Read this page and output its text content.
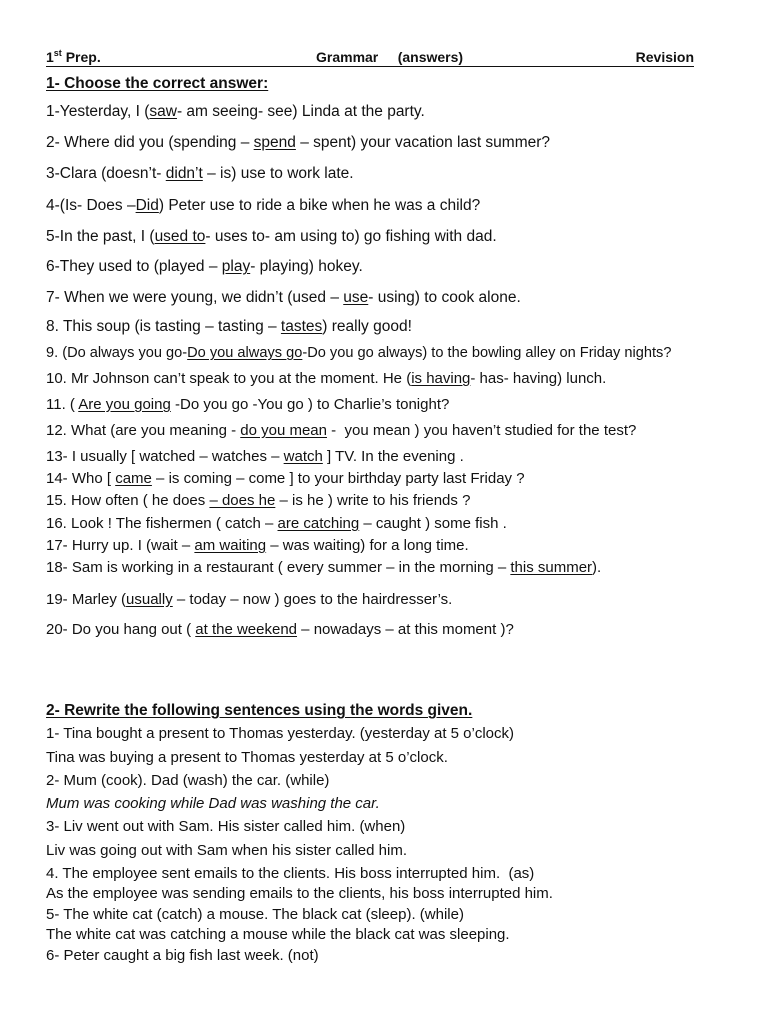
1st Prep.	Grammar     (answers)	Revision
1- Choose the correct answer:
1-Yesterday, I (saw- am seeing- see) Linda at the party.
2- Where did you (spending – spend – spent) your vacation last summer?
3-Clara (doesn’t- didn’t – is) use to work late.
4-(Is- Does –Did) Peter use to ride a bike when he was a child?
5-In the past, I (used to- uses to- am using to) go fishing with dad.
6-They used to (played – play- playing) hokey.
7- When we were young, we didn’t (used – use- using) to cook alone.
8. This soup (is tasting – tasting – tastes) really good!
9. (Do always you go-Do you always go-Do you go always) to the bowling alley on Friday nights?
10. Mr Johnson can’t speak to you at the moment. He (is having- has- having) lunch.
11. ( Are you going -Do you go -You go ) to Charlie’s tonight?
12. What (are you meaning - do you mean -  you mean ) you haven’t studied for the test?
13- I usually [ watched – watches – watch ] TV. In the evening .
14- Who [ came – is coming – come ] to your birthday party last Friday ?
15. How often ( he does – does he – is he ) write to his friends ?
16. Look ! The fishermen ( catch – are catching – caught ) some fish .
17- Hurry up. I (wait – am waiting – was waiting) for a long time.
18- Sam is working in a restaurant ( every summer – in the morning – this summer).
19- Marley (usually – today – now ) goes to the hairdresser’s.
20- Do you hang out ( at the weekend – nowadays – at this moment )?
2- Rewrite the following sentences using the words given.
1- Tina bought a present to Thomas yesterday. (yesterday at 5 o’clock)
Tina was buying a present to Thomas yesterday at 5 o’clock.
2- Mum (cook). Dad (wash) the car. (while)
Mum was cooking while Dad was washing the car.
3- Liv went out with Sam. His sister called him. (when)
Liv was going out with Sam when his sister called him.
4. The employee sent emails to the clients. His boss interrupted him.  (as)
As the employee was sending emails to the clients, his boss interrupted him.
5- The white cat (catch) a mouse. The black cat (sleep). (while)
The white cat was catching a mouse while the black cat was sleeping.
6- Peter caught a big fish last week. (not)
